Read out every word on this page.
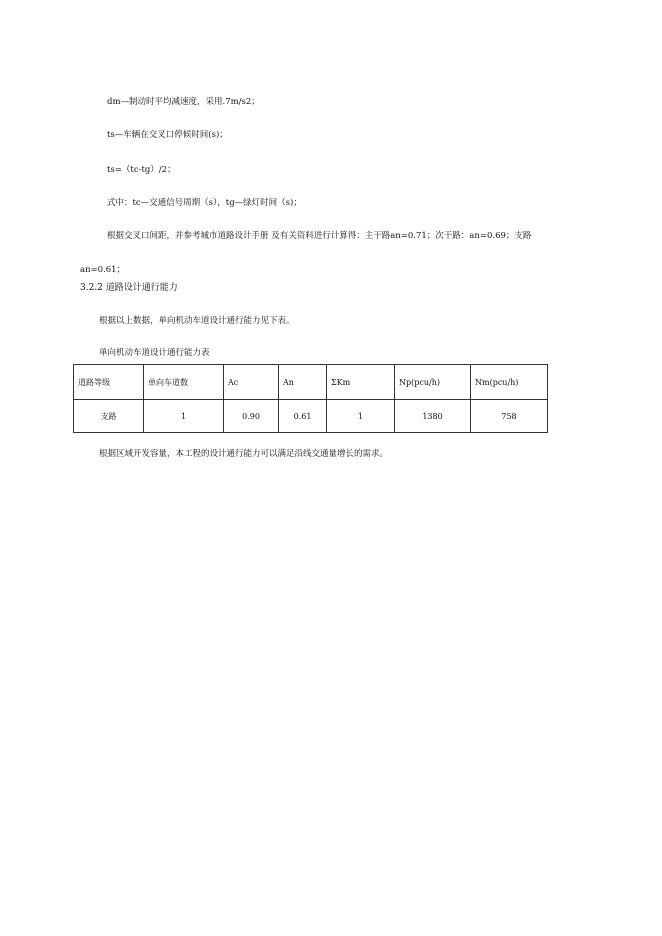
dm—制动时平均减速度，采用.7m/s2；
ts—车辆在交叉口停候时间(s)；
ts=（tc-tg）/2；
式中：tc—交通信号周期（s），tg—绿灯时间（s)；
根据交叉口间距，并参考城市道路设计手册 及有关资料进行计算得：主干路an=0.71；次干路：an=0.69；支路
an=0.61；
3.2.2 道路设计通行能力
根据以上数据，单向机动车道设计通行能力见下表。
单向机动车道设计通行能力表
道路等级	单向车道数	Ac	An	ΣKm	Np(pcu/h)	Nm(pcu/h)
支路	1	0.90	0.61	1	1380	758
根据区域开发容量，本工程的设计通行能力可以满足沿线交通量增长的需求。
